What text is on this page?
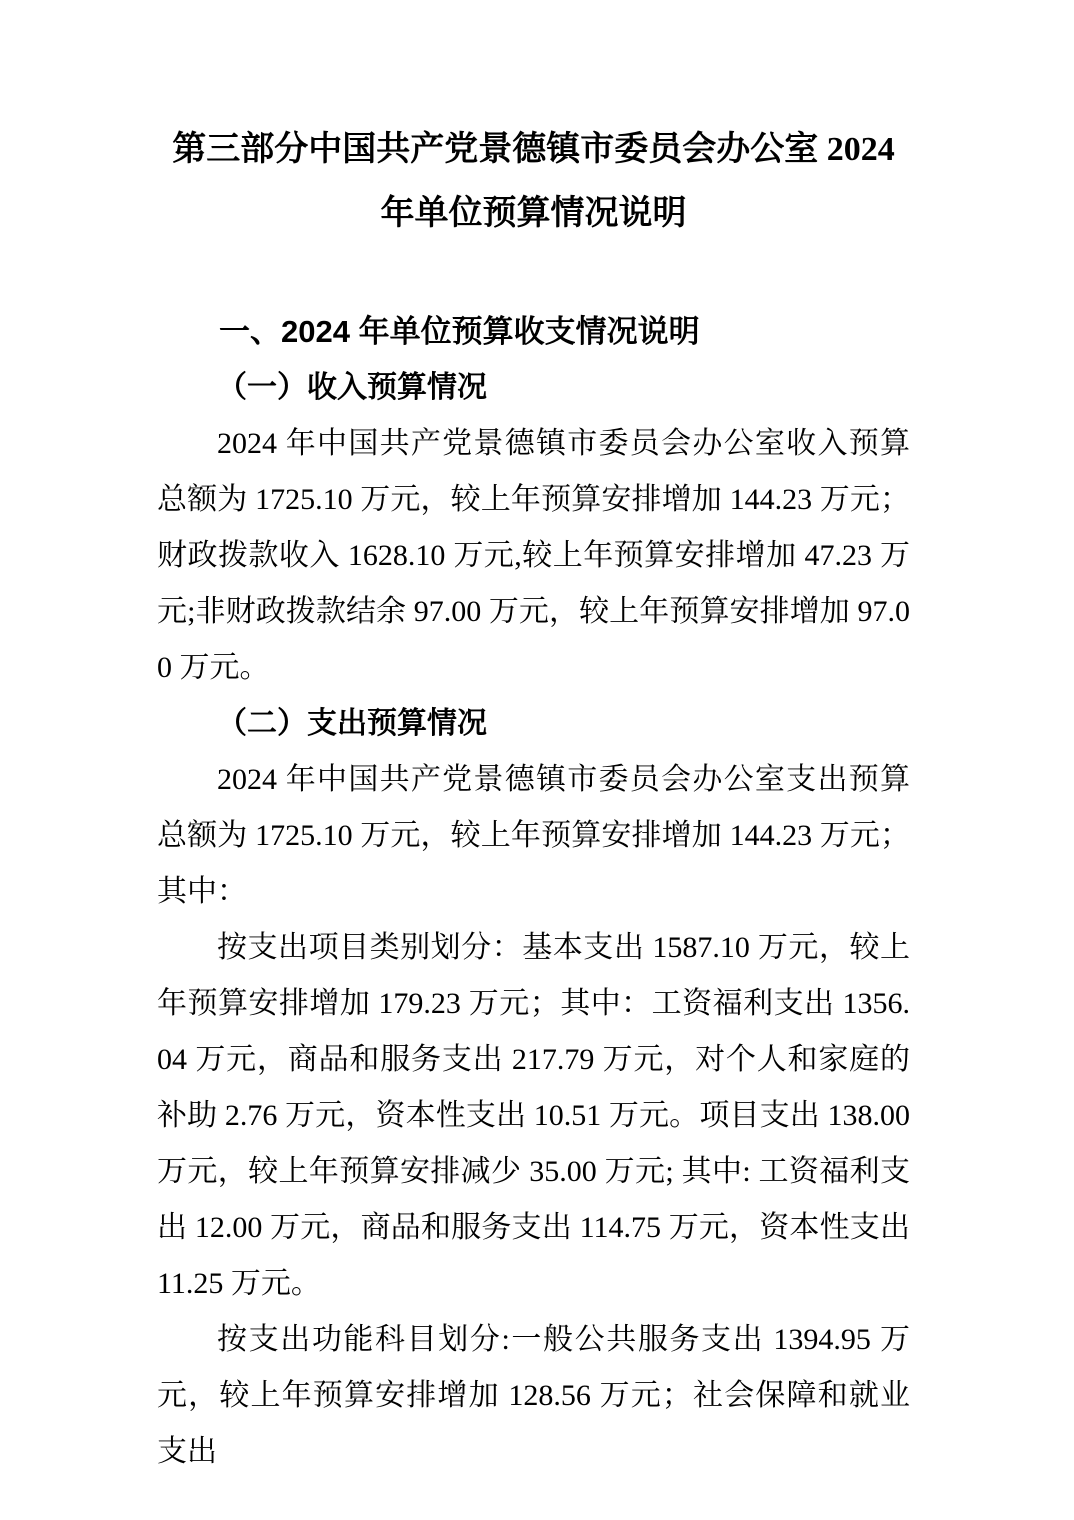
第三部分中国共产党景德镇市委员会办公室 2024 年单位预算情况说明
一、2024 年单位预算收支情况说明
（一）收入预算情况

2024 年中国共产党景德镇市委员会办公室收入预算总额为 1725.10 万元，较上年预算安排增加 144.23 万元；财政拨款收入 1628.10 万元,较上年预算安排增加 47.23 万元;非财政拨款结余 97.00 万元，较上年预算安排增加 97.00 万元。

（二）支出预算情况

2024 年中国共产党景德镇市委员会办公室支出预算总额为 1725.10 万元，较上年预算安排增加 144.23 万元；其中：

按支出项目类别划分：基本支出 1587.10 万元，较上年预算安排增加 179.23 万元；其中：工资福利支出 1356.04 万元，商品和服务支出 217.79 万元，对个人和家庭的补助 2.76 万元，资本性支出 10.51 万元。项目支出 138.00 万元，较上年预算安排减少 35.00 万元; 其中: 工资福利支出 12.00 万元，商品和服务支出 114.75 万元，资本性支出 11.25 万元。

按支出功能科目划分:一般公共服务支出 1394.95 万元，较上年预算安排增加 128.56 万元；社会保障和就业支出
